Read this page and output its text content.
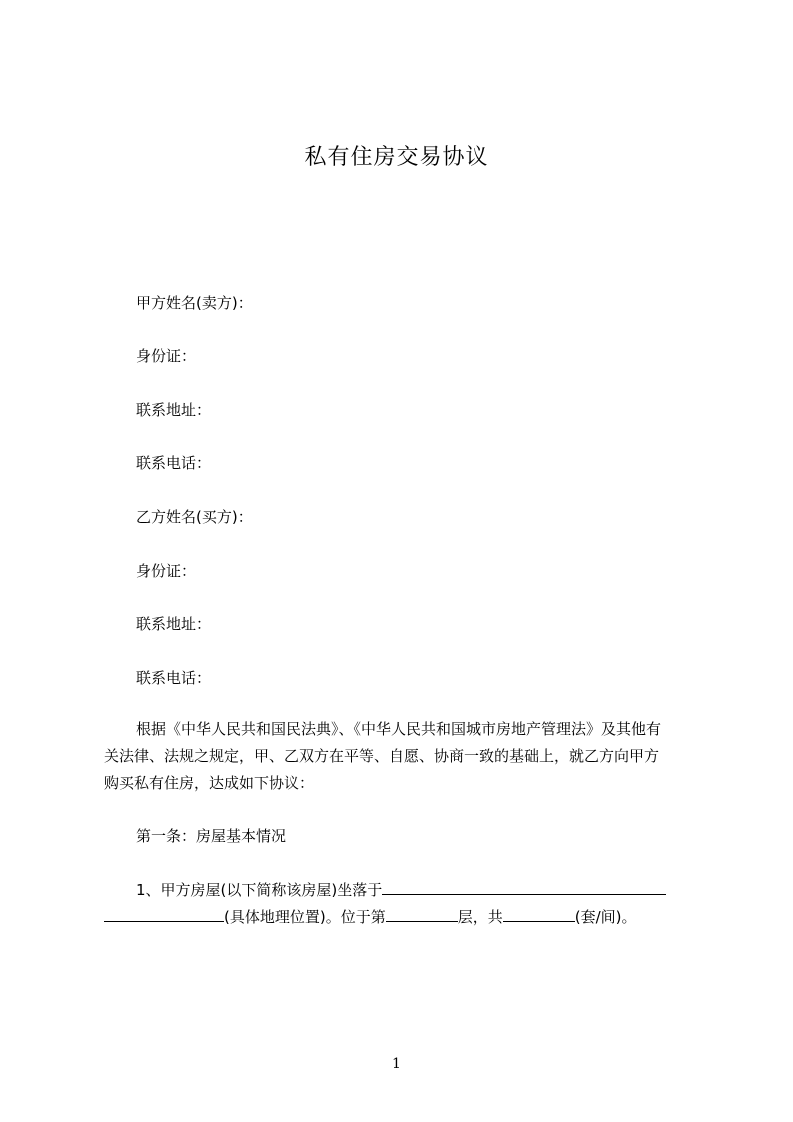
私有住房交易协议

甲方姓名(卖方)：

身份证：

联系地址：

联系电话：

乙方姓名(买方)：

身份证：

联系地址：

联系电话：

根据《中华人民共和国民法典》、《中华人民共和国城市房地产管理法》及其他有

关法律、法规之规定，甲、乙双方在平等、自愿、协商一致的基础上，就乙方向甲方

购买私有住房，达成如下协议：

第一条：房屋基本情况

1、甲方房屋(以下简称该房屋)坐落于

(具体地理位置)。位于第	层，共	(套/间)。

1
